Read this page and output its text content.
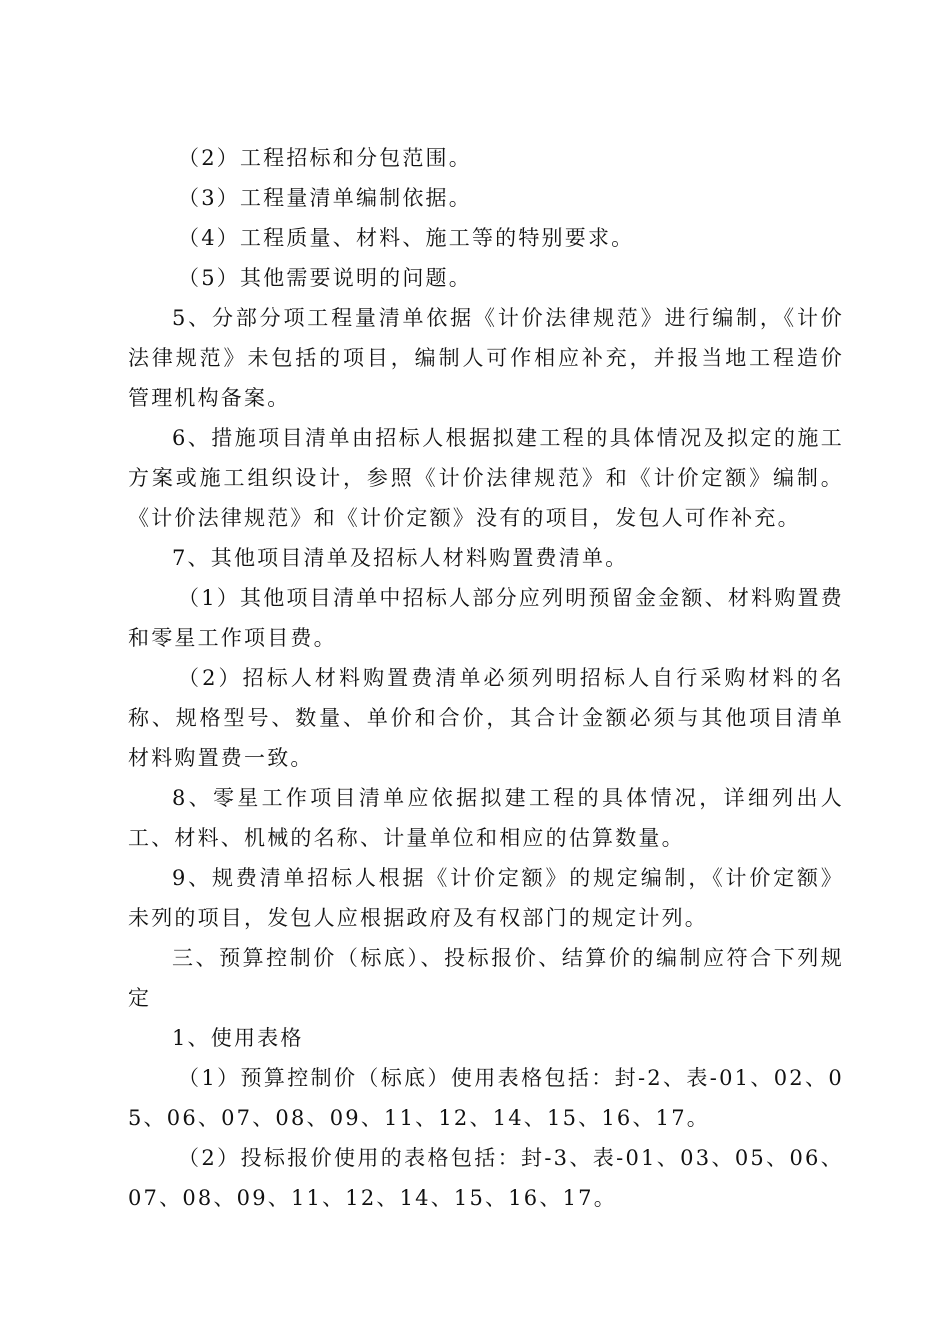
（2）工程招标和分包范围。

（3）工程量清单编制依据。

（4）工程质量、材料、施工等的特别要求。

（5）其他需要说明的问题。

5、分部分项工程量清单依据《计价法律规范》进行编制，《计价法律规范》未包括的项目，编制人可作相应补充，并报当地工程造价管理机构备案。

6、措施项目清单由招标人根据拟建工程的具体情况及拟定的施工方案或施工组织设计，参照《计价法律规范》和《计价定额》编制。《计价法律规范》和《计价定额》没有的项目，发包人可作补充。

7、其他项目清单及招标人材料购置费清单。

（1）其他项目清单中招标人部分应列明预留金金额、材料购置费和零星工作项目费。

（2）招标人材料购置费清单必须列明招标人自行采购材料的名称、规格型号、数量、单价和合价，其合计金额必须与其他项目清单材料购置费一致。

8、零星工作项目清单应依据拟建工程的具体情况，详细列出人工、材料、机械的名称、计量单位和相应的估算数量。

9、规费清单招标人根据《计价定额》的规定编制，《计价定额》未列的项目，发包人应根据政府及有权部门的规定计列。

三、预算控制价（标底）、投标报价、结算价的编制应符合下列规定

1、使用表格

（1）预算控制价（标底）使用表格包括：封-2、表-01、02、05、06、07、08、09、11、12、14、15、16、17。

（2）投标报价使用的表格包括：封-3、表-01、03、05、06、07、08、09、11、12、14、15、16、17。
